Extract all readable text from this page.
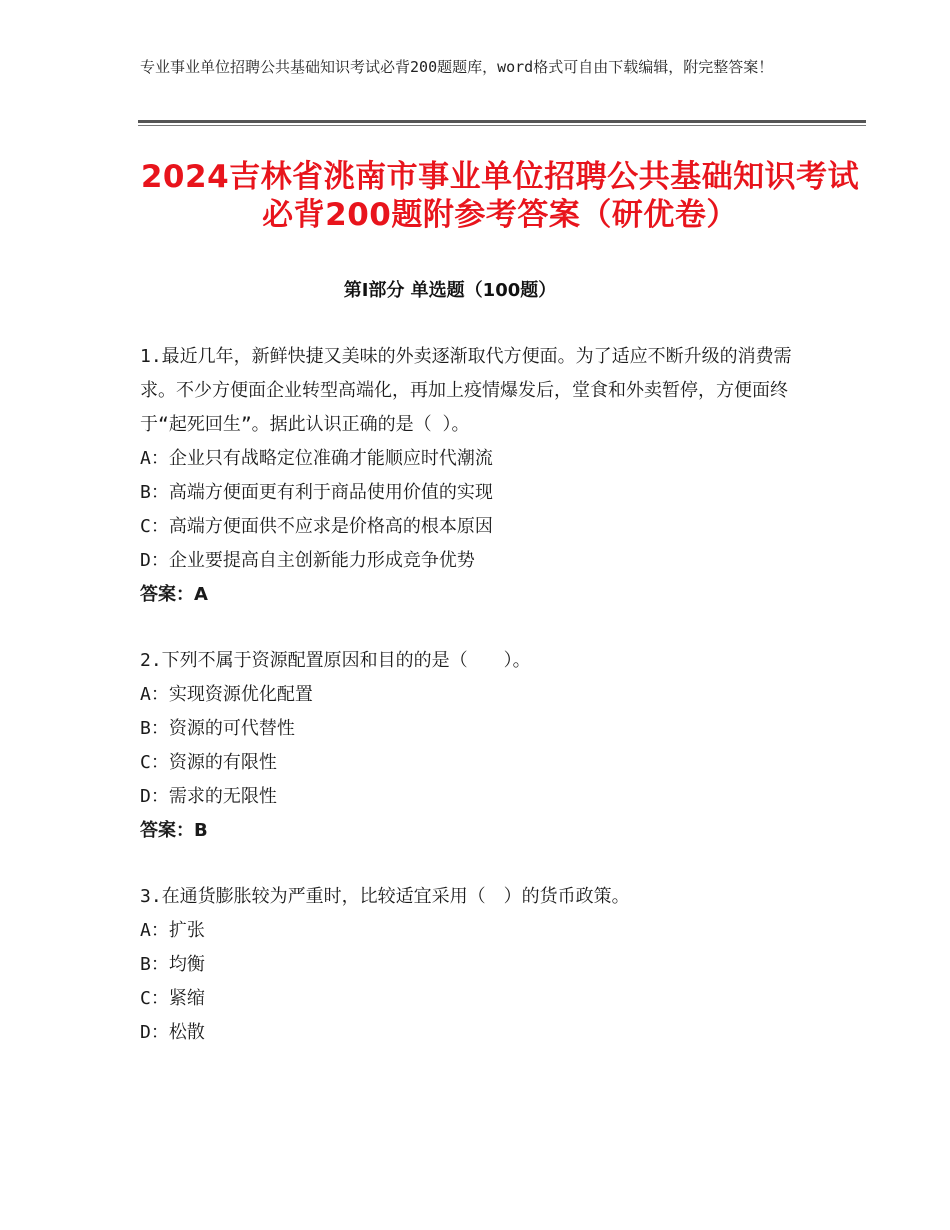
专业事业单位招聘公共基础知识考试必背200题题库，word格式可自由下载编辑，附完整答案！
2024吉林省洮南市事业单位招聘公共基础知识考试必背200题附参考答案（研优卷）
第Ⅰ部分 单选题（100题）

1.最近几年，新鲜快捷又美味的外卖逐渐取代方便面。为了适应不断升级的消费需求。不少方便面企业转型高端化，再加上疫情爆发后，堂食和外卖暂停，方便面终于“起死回生”。据此认识正确的是（ ）。

A：企业只有战略定位准确才能顺应时代潮流

B：高端方便面更有利于商品使用价值的实现

C：高端方便面供不应求是价格高的根本原因

D：企业要提高自主创新能力形成竞争优势

答案：A

2.下列不属于资源配置原因和目的的是（　　）。

A：实现资源优化配置

B：资源的可代替性

C：资源的有限性

D：需求的无限性

答案：B

3.在通货膨胀较为严重时，比较适宜采用（　）的货币政策。

A：扩张

B：均衡

C：紧缩

D：松散
